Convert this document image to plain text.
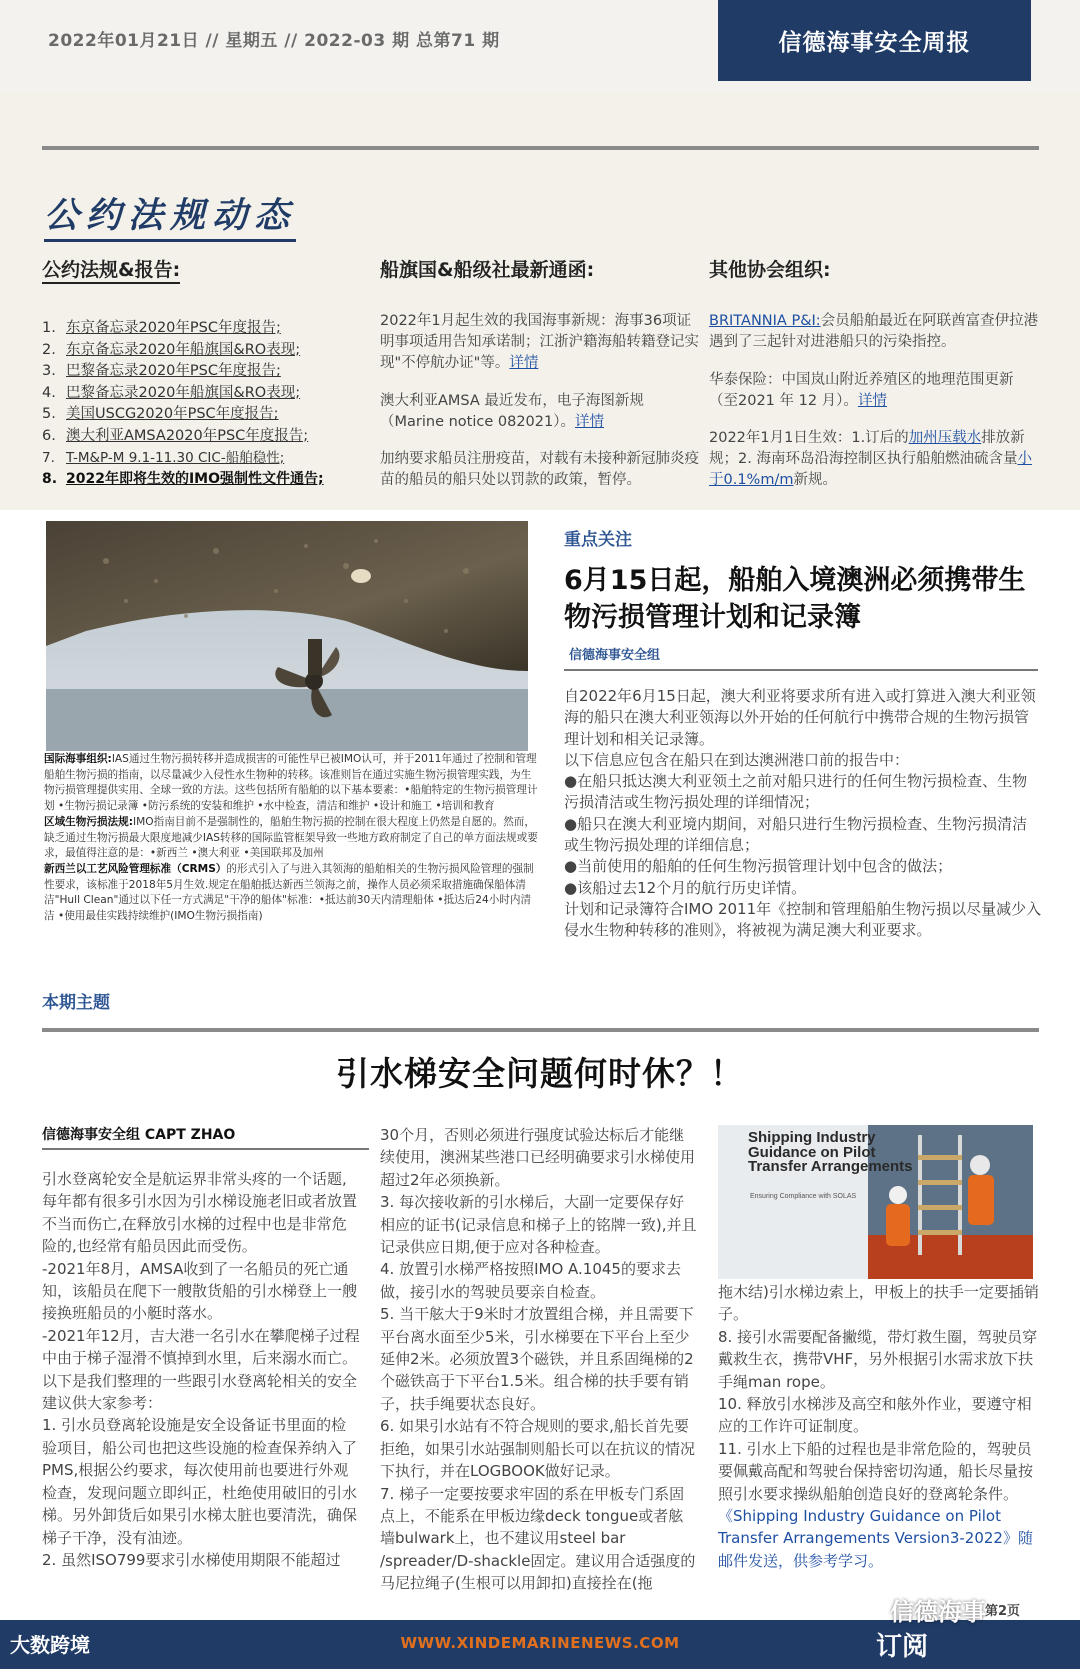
2022年01月21日 // 星期五 // 2022-03 期 总第71 期	信德海事安全周报
公约法规动态
公约法规&报告:	船旗国&船级社最新通函:	其他协会组织:
1. 东京备忘录2020年PSC年度报告;
2. 东京备忘录2020年船旗国&RO表现;
3. 巴黎备忘录2020年PSC年度报告;
4. 巴黎备忘录2020年船旗国&RO表现;
5. 美国USCG2020年PSC年度报告;
6. 澳大利亚AMSA2020年PSC年度报告;
7. T-M&P-M 9.1-11.30 CIC-船舶稳性;
8. 2022年即将生效的IMO强制性文件通告;
2022年1月起生效的我国海事新规：海事36项证明事项适用告知承诺制；江浙沪籍海船转籍登记实现"不停航办证"等。详情
澳大利亚AMSA 最近发布，电子海图新规（Marine notice 082021）。详情
加纳要求船员注册疫苗，对载有未接种新冠肺炎疫苗的船员的船只处以罚款的政策，暂停。
BRITANNIA P&I:会员船舶最近在阿联酋富查伊拉港遇到了三起针对进港船只的污染指控。
华泰保险：中国岚山附近养殖区的地理范围更新（至2021 年 12 月）。详情
2022年1月1日生效：1.订后的加州压载水排放新规；2. 海南环岛沿海控制区执行船舶燃油硫含量小于0.1%m/m新规。
国际海事组织:IAS通过生物污损转移并造成损害的可能性早已被IMO认可，并于2011年通过了控制和管理船舶生物污损的指南，以尽量减少入侵性水生物种的转移。该准则旨在通过实施生物污损管理实践，为生物污损管理提供实用、全球一致的方法。这些包括所有船舶的以下基本要素：•船舶特定的生物污损管理计划 •生物污损记录簿 •防污系统的安装和维护 •水中检查，清洁和维护 •设计和施工 •培训和教育
区域生物污损法规:IMO指南目前不是强制性的，船舶生物污损的控制在很大程度上仍然是自愿的。然而，缺乏通过生物污损最大限度地减少IAS转移的国际监管框架导致一些地方政府制定了自己的单方面法规或要求，最值得注意的是：•新西兰 •澳大利亚 •美国联邦及加州
新西兰以工艺风险管理标准（CRMS）的形式引入了与进入其领海的船舶相关的生物污损风险管理的强制性要求，该标准于2018年5月生效.规定在船舶抵达新西兰领海之前，操作人员必须采取措施确保船体清洁"Hull Clean"通过以下任一方式满足"干净的船体"标准：•抵达前30天内清理船体 •抵达后24小时内清洁 •使用最佳实践持续维护(IMO生物污损指南)
重点关注
6月15日起，船舶入境澳洲必须携带生物污损管理计划和记录簿
信德海事安全组

自2022年6月15日起，澳大利亚将要求所有进入或打算进入澳大利亚领海的船只在澳大利亚领海以外开始的任何航行中携带合规的生物污损管理计划和相关记录簿。

以下信息应包含在船只在到达澳洲港口前的报告中：

●在船只抵达澳大利亚领土之前对船只进行的任何生物污损检查、生物污损清洁或生物污损处理的详细情况；

●船只在澳大利亚境内期间，对船只进行生物污损检查、生物污损清洁或生物污损处理的详细信息；

●当前使用的船舶的任何生物污损管理计划中包含的做法；

●该船过去12个月的航行历史详情。

计划和记录簿符合IMO 2011年《控制和管理船舶生物污损以尽量减少入侵水生物种转移的准则》，将被视为满足澳大利亚要求。

本期主题
引水梯安全问题何时休？！
信德海事安全组 CAPT ZHAO

引水登离轮安全是航运界非常头疼的一个话题,每年都有很多引水因为引水梯设施老旧或者放置不当而伤亡,在释放引水梯的过程中也是非常危险的,也经常有船员因此而受伤。

-2021年8月，AMSA收到了一名船员的死亡通知，该船员在爬下一艘散货船的引水梯登上一艘接换班船员的小艇时落水。

-2021年12月，吉大港一名引水在攀爬梯子过程中由于梯子湿滑不慎掉到水里，后来溺水而亡。

以下是我们整理的一些跟引水登离轮相关的安全建议供大家参考：

1. 引水员登离轮设施是安全设备证书里面的检验项目，船公司也把这些设施的检查保养纳入了PMS,根据公约要求，每次使用前也要进行外观检查，发现问题立即纠正，杜绝使用破旧的引水梯。另外卸货后如果引水梯太脏也要清洗，确保梯子干净，没有油迹。

2. 虽然ISO799要求引水梯使用期限不能超过

30个月，否则必须进行强度试验达标后才能继续使用，澳洲某些港口已经明确要求引水梯使用超过2年必须换新。

3. 每次接收新的引水梯后，大副一定要保存好相应的证书(记录信息和梯子上的铭牌一致),并且记录供应日期,便于应对各种检查。

4. 放置引水梯严格按照IMO A.1045的要求去做，接引水的驾驶员要亲自检查。

5. 当干舷大于9米时才放置组合梯，并且需要下平台离水面至少5米，引水梯要在下平台上至少延伸2米。必须放置3个磁铁，并且系固绳梯的2个磁铁高于下平台1.5米。组合梯的扶手要有销子，扶手绳要状态良好。

6. 如果引水站有不符合规则的要求,船长首先要拒绝，如果引水站强制则船长可以在抗议的情况下执行，并在LOGBOOK做好记录。

7. 梯子一定要按要求牢固的系在甲板专门系固点上，不能系在甲板边缘deck tongue或者舷墙bulwark上，也不建议用steel bar /spreader/D-shackle固定。建议用合适强度的马尼拉绳子(生根可以用卸扣)直接拴在(拖

Shipping Industry Guidance on Pilot Transfer Arrangements
Ensuring Compliance with SOLAS

拖木结)引水梯边索上，甲板上的扶手一定要插销子。

8. 接引水需要配备撇缆，带灯救生圈，驾驶员穿戴救生衣，携带VHF，另外根据引水需求放下扶手绳man rope。

10. 释放引水梯涉及高空和舷外作业，要遵守相应的工作许可证制度。

11. 引水上下船的过程也是非常危险的，驾驶员要佩戴高配和驾驶台保持密切沟通，船长尽量按照引水要求操纵船舶创造良好的登离轮条件。

《Shipping Industry Guidance on Pilot Transfer Arrangements Version3-2022》随邮件发送，供参考学习。

第2页
大数跨境	WWW.XINDEMARINENEWS.COM	订阅
信德海事
